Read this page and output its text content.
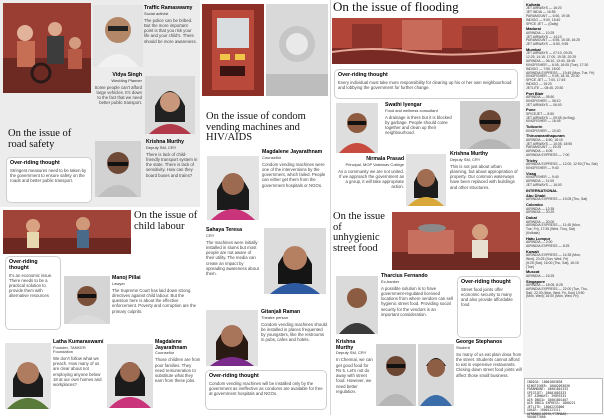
Traffic Ramaswamy
Social activist
The police can be bribed. But the more important point is that you risk your life and your child's. There should be more awareness.
Vidya Singh
Wedding Planner
Some people can't afford large vehicles. It's down to the fact that we need better public transport.
On the issue of road safety
Over-riding thought
Stringent measures need to be taken by the government to ensure safety on the roads and better public transport.
Krishna Murthy
Deputy SM, CRY
There is lack of child-friendly transport system in the state. There is lack of sensitivity. How can they board buses and trains?
On the issue of condom vending machines and HIV/AIDS
Magdalene Jayarathnam
Counsellor
Condom vending machines were one of the interventions by the government, which failed. People can either get them from the government hospitals or NGOs.
Sahaya Teresa
CRY
The machines were initially installed in slums but most people are not aware of their utility. The media can create an impact by spreading awareness about them.
Gitanjali Raman
Theatre person
Condom vending machines should be installed in places frequented by youngsters, like the restrooms in pubs, cafes and hotels.
Over-riding thought
Condom vending machines will be installed only by the government as ineffective as condoms are available for free at government hospitals and NGOs.
On the issue of flooding
Over-riding thought
Every individual must take more responsibility for clearing up his or her own neighbourhood and lobbying the government for further change.
Swathi Iyengar
Food and wellness consultant
A drainage is there but it is blocked by garbage. People should come together and clean up their neighbourhood.
Nirmala Prasad
Principal, MOP Vaishnav College
As a community we are not united. If we approach the government as a group, it will take appropriate action.
Krishna Murthy
Deputy SM, CRY
This is not just about urban planning, but about appropriation of property. Our common waterways have been replaced with buildings and other structures.
On the issue of child labour
Over-riding thought
It's an economic issue. There needs to be a practical solution to provide them with alternative resources
Manoj Pillai
Lawyer
The Supreme Court has laid down strong directives against child labour. But the question here is about the effective enforcement. Poverty and corruption are the primary culprits.
Latha Kumaraswami
Founder, TANKER Foundation
We don't follow what we preach. How many of us are clear about not employing anyone below 18 at our own homes and workplaces?
Magdalene Jayarathnam
Counsellor
Those children are from poor families. They need remuneration to substitute what they earn from these jobs.
On the issue of unhygienic street food
Tharcius Fernando
Ex-banker
A possible solution is to have government-regulated licensed locations from where vendors can sell hygienic street food. Providing social security for the vendors is an important consideration.
Over-riding thought
Street food joints offer economic security to many and also provide affordable food
Krishna Murthy
Deputy SM, CRY
In Chennai, we can get good food for Rs 5. Let's not do away with street food. However, we need better regulation.
George Stephanos
Student
So many of us eat plain dosa from the street. Students cannot afford to eat in expensive restaurants. Closing down street food joints will affect those small business.
Kolkata
JET AIRWAYS — 16:20
JET INDIA — 16:55
PARAMOUNT — 6:50, 19:35
INDIGO — 9:00, 15:40
SPICE JET — (Daily)
Madurai
AIRINDIA — 10:25
JET AIRWAYS — 14:10
PARAMOUNT — 6:55, 15:35, 16:25
JET AIRWAYS — 6:50, 9:55
Mumbai
JET AIRWAYS — 07:10, 09:25,
12:25, 14:15, 17:00, 19:35, 20:25
AIRINDIA — 06:10, 13:40, 18:45
KINGFISHER — 6:05, 16:05 (Tue), 17:30
INDIGO — 7:50, 18:00
AIRINDIA EXPRESS — 19:45 (Mon, Tue, Fri)
KINGFISHER — 9:05, 18:15, 20:30
SPICE JET — 7:00, 17:45
INDIGO — 15:20
JETLITE — 08:45, 20:30
Port Blair
AIRINDIA — 05:50
KINGFISHER — 08:10
JET AIRWAYS — 06:00
Pune
SPICEJET — 8:50
JET AIRWAYS — 09:05 (to Bng)
KINGFISHER — 16:45
Tuticorin
KINGFISHER — 10:40
Thiruvananthapuram
AIRINDIA — 6:50, 18:15
JET AIRWAYS — 10:05, 18:55
PARAMOUNT — 19:25
AIRINDIA — 6:05
AIRINDIA EXPRESS — 7:00
Trichy
AIRINDIA EXPRESS — 12:00, 12:50 (Thu, Sat)
KINGFISHER — 9:40
Vizag
KINGFISHER — 9:40
AIRINDIA — 11:05
JET AIRWAYS — 16:00
INTERNATIONAL
Abu Dhabi
AIRINDIA EXPRESS — 13:05 (Thu, Sat)
Colombo
AIRINDIA — 12:35
AIRINDIA — 20:20
Dubai
AIRINDIA — 20:00
AIRINDIA EXPRESS — 11:45 (Mon,
Tue, Fri), 17:35 (Wed, Thu), Sat)
(Kolkata)
Hatu Lumpur
AIRINDIA — 2:00
AIRINDIA EXPRESS — 8:25
Kuwait
AIRINDIA EXPRESS — 14:35 (Mon,
Wed), 23:25 (Sun, Wed, Fri)
(5:25 (Sat), 16:00 (Thu, Sat), 16:15
(Tue)
Muscat
AIRINDIA — 16:25
Singapore
AIRINDIA — 18:05, 8:25
AIRINDIA EXPRESS — 22:00 (Tue, Thu,
Sat), 22:30 (Mon, Wed, Fri, Sun) 13:50
(Mon, Wed), 16:00 (Mon, Wed, Fri)
INDIGO: 18001803838
KINGFISHER: 18002093030
PARAMOUNT: 18001801333
SPICEJET: 18001803333
JET AIRWAYS: 39893333
AIR INDIA: 18001801407
AIR INDIA EXPRESS: 1800221
JETLITE: 18002233000
GOAIR: 18002223111
AIRBANGLADESH/FIRMAAQ:
9840077000
